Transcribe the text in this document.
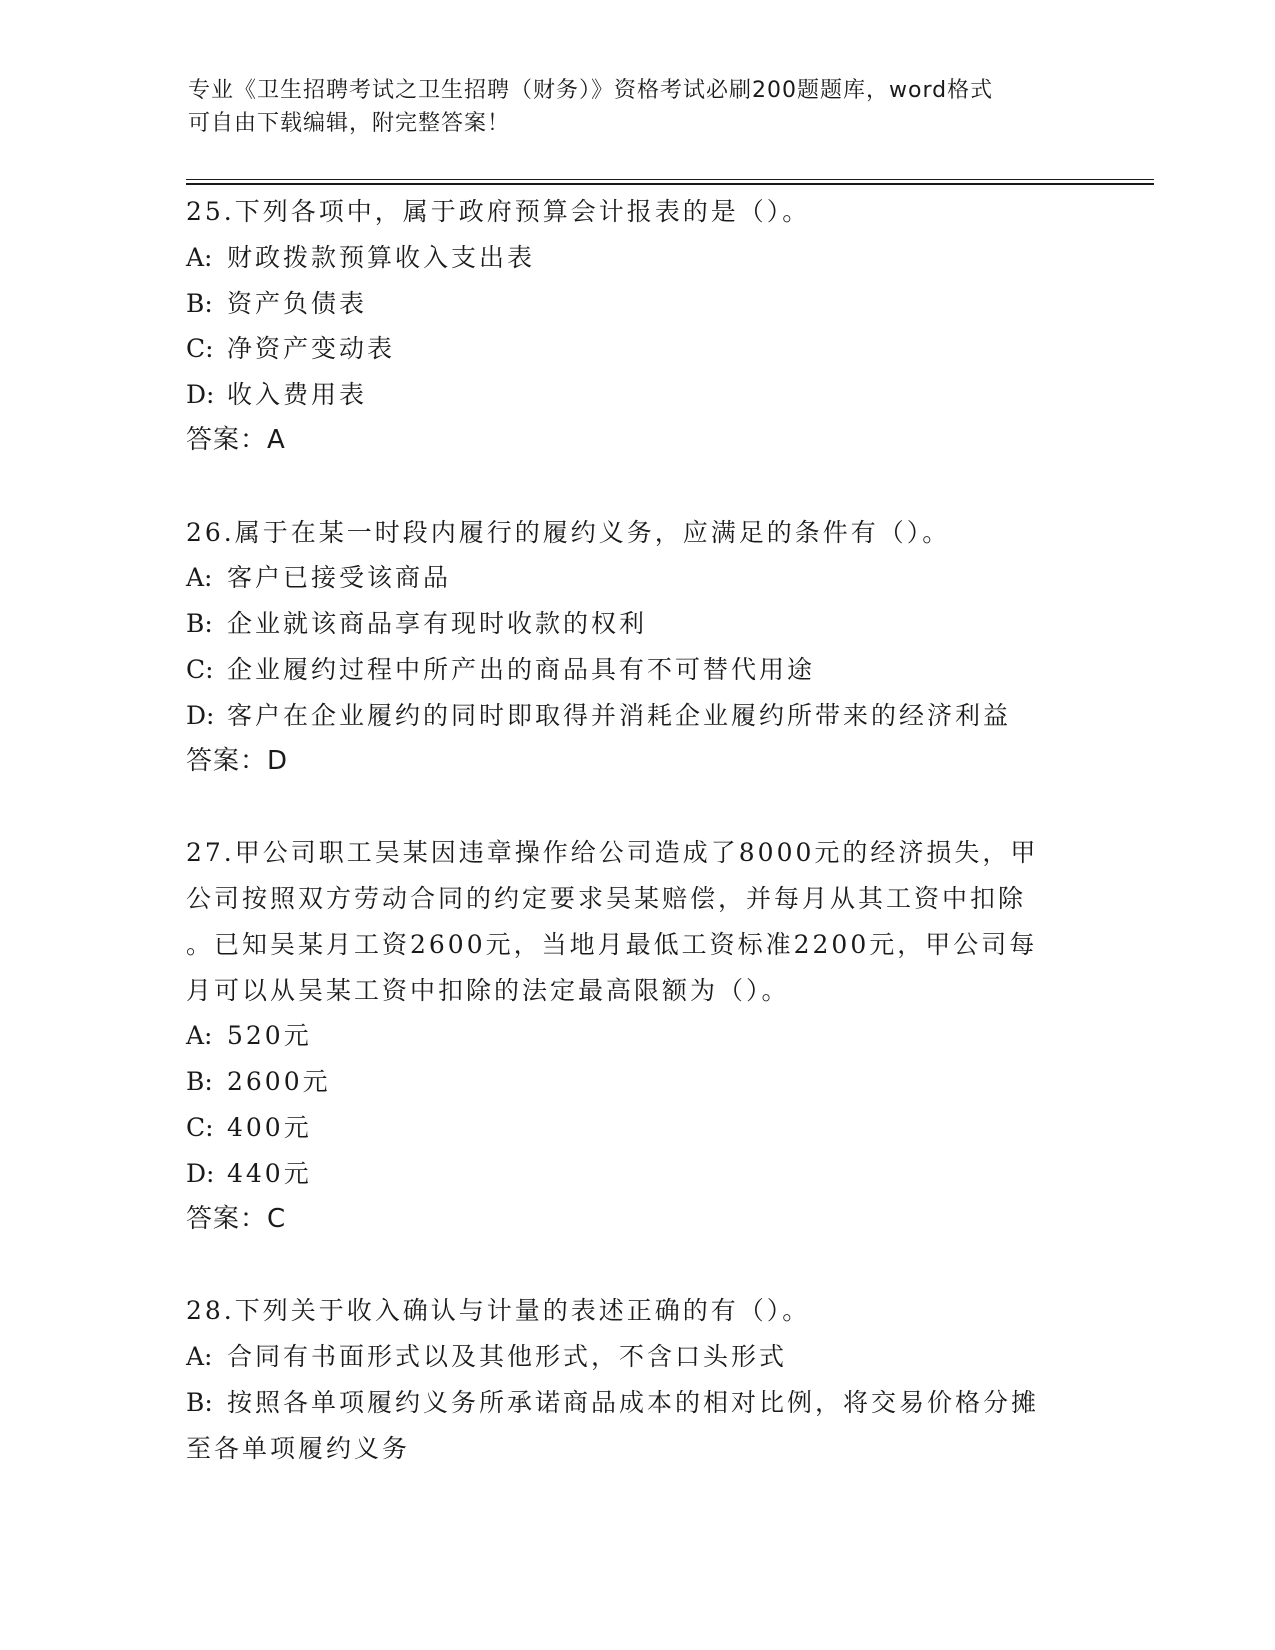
专业《卫生招聘考试之卫生招聘（财务）》资格考试必刷200题题库，word格式
可自由下载编辑，附完整答案！
25.下列各项中，属于政府预算会计报表的是（）。
A: 财政拨款预算收入支出表
B: 资产负债表
C: 净资产变动表
D: 收入费用表
答案：A
26.属于在某一时段内履行的履约义务，应满足的条件有（）。
A: 客户已接受该商品
B: 企业就该商品享有现时收款的权利
C: 企业履约过程中所产出的商品具有不可替代用途
D: 客户在企业履约的同时即取得并消耗企业履约所带来的经济利益
答案：D
27.甲公司职工吴某因违章操作给公司造成了8000元的经济损失，甲
公司按照双方劳动合同的约定要求吴某赔偿，并每月从其工资中扣除
。已知吴某月工资2600元，当地月最低工资标准2200元，甲公司每
月可以从吴某工资中扣除的法定最高限额为（）。
A: 520元
B: 2600元
C: 400元
D: 440元
答案：C
28.下列关于收入确认与计量的表述正确的有（）。
A: 合同有书面形式以及其他形式，不含口头形式
B: 按照各单项履约义务所承诺商品成本的相对比例，将交易价格分摊
至各单项履约义务
